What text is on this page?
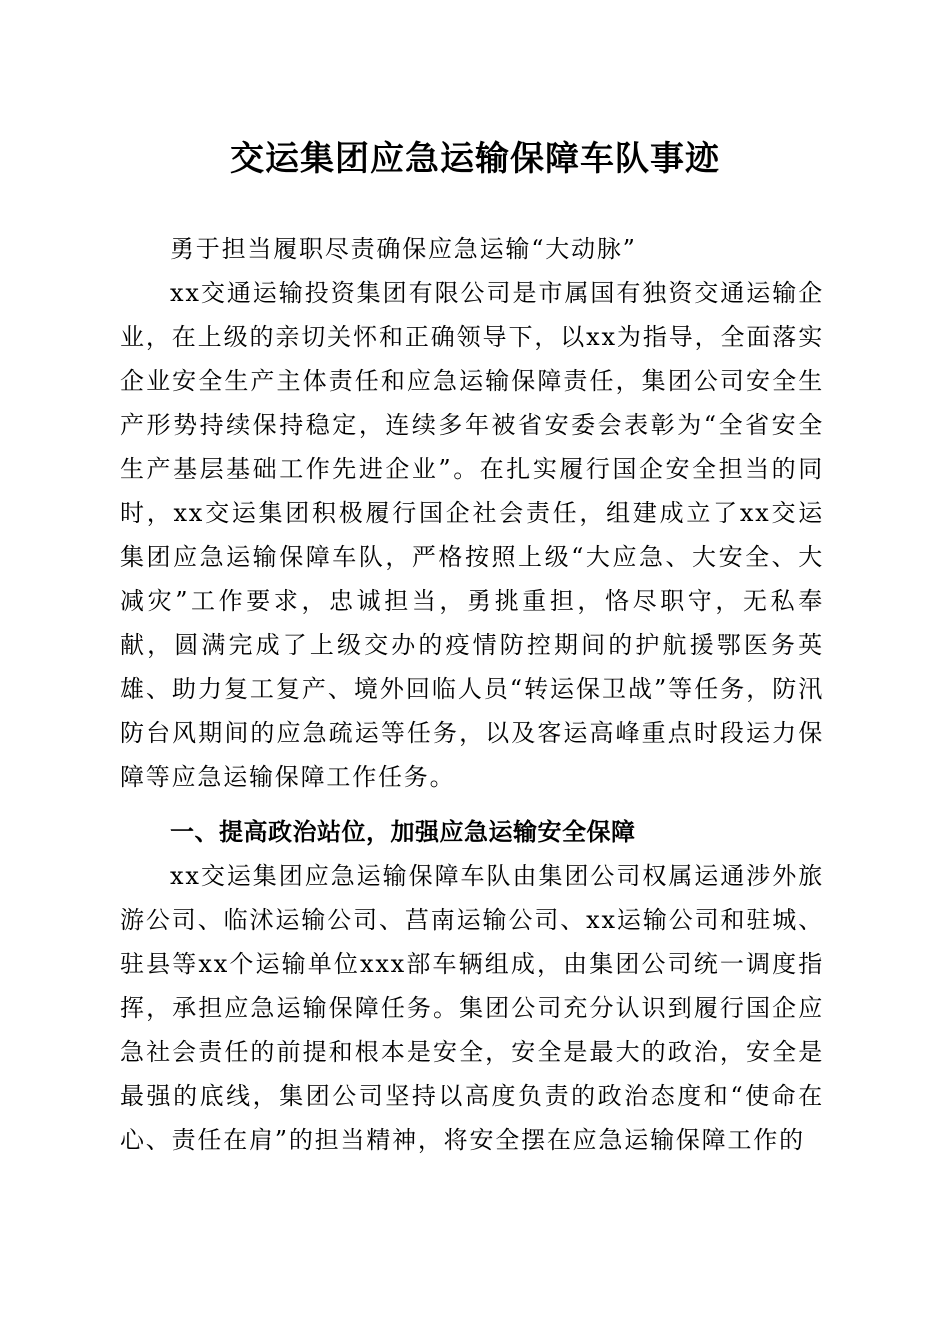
交运集团应急运输保障车队事迹
勇于担当履职尽责确保应急运输“大动脉”
xx交通运输投资集团有限公司是市属国有独资交通运输企业，在上级的亲切关怀和正确领导下，以xx为指导，全面落实企业安全生产主体责任和应急运输保障责任，集团公司安全生产形势持续保持稳定，连续多年被省安委会表彰为“全省安全生产基层基础工作先进企业”。在扎实履行国企安全担当的同时，xx交运集团积极履行国企社会责任，组建成立了xx交运集团应急运输保障车队，严格按照上级“大应急、大安全、大减灾”工作要求，忠诚担当，勇挑重担，恪尽职守，无私奉献，圆满完成了上级交办的疫情防控期间的护航援鄂医务英雄、助力复工复产、境外回临人员“转运保卫战”等任务，防汛防台风期间的应急疏运等任务，以及客运高峰重点时段运力保障等应急运输保障工作任务。
一、提高政治站位，加强应急运输安全保障
xx交运集团应急运输保障车队由集团公司权属运通涉外旅游公司、临沭运输公司、莒南运输公司、xx运输公司和驻城、驻县等xx个运输单位xxx部车辆组成，由集团公司统一调度指挥，承担应急运输保障任务。集团公司充分认识到履行国企应急社会责任的前提和根本是安全，安全是最大的政治，安全是最强的底线，集团公司坚持以高度负责的政治态度和“使命在心、责任在肩”的担当精神，将安全摆在应急运输保障工作的
